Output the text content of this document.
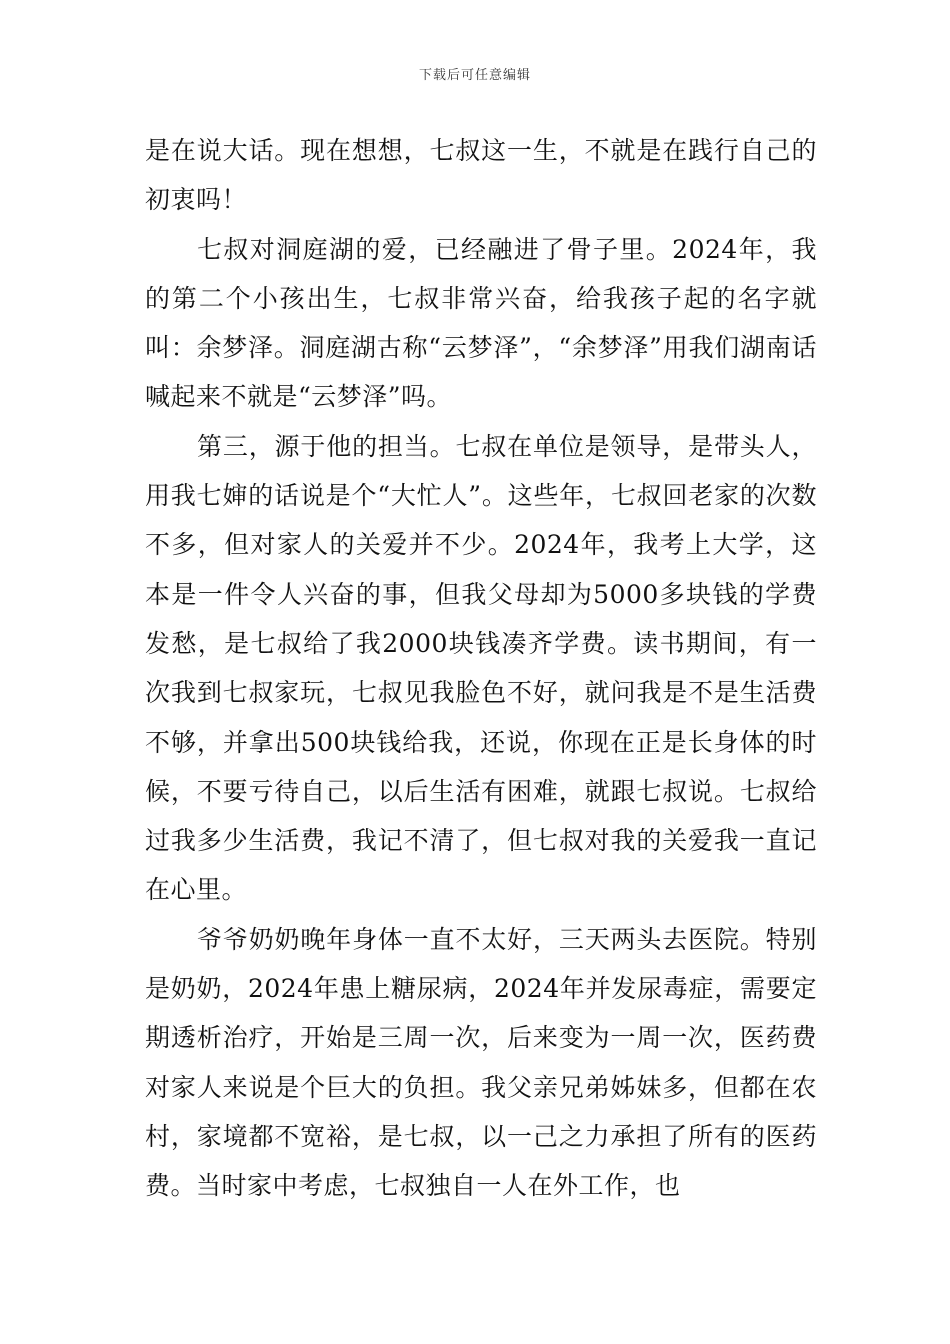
下载后可任意编辑

是在说大话。现在想想，七叔这一生，不就是在践行自己的初衷吗！

七叔对洞庭湖的爱，已经融进了骨子里。2024年，我的第二个小孩出生，七叔非常兴奋，给我孩子起的名字就叫：余梦泽。洞庭湖古称“云梦泽”，“余梦泽”用我们湖南话喊起来不就是“云梦泽”吗。

第三，源于他的担当。七叔在单位是领导，是带头人，用我七婶的话说是个“大忙人”。这些年，七叔回老家的次数不多，但对家人的关爱并不少。2024年，我考上大学，这本是一件令人兴奋的事，但我父母却为5000多块钱的学费发愁，是七叔给了我2000块钱凑齐学费。读书期间，有一次我到七叔家玩，七叔见我脸色不好，就问我是不是生活费不够，并拿出500块钱给我，还说，你现在正是长身体的时候，不要亏待自己，以后生活有困难，就跟七叔说。七叔给过我多少生活费，我记不清了，但七叔对我的关爱我一直记在心里。

爷爷奶奶晚年身体一直不太好，三天两头去医院。特别是奶奶，2024年患上糖尿病，2024年并发尿毒症，需要定期透析治疗，开始是三周一次，后来变为一周一次，医药费对家人来说是个巨大的负担。我父亲兄弟姊妹多，但都在农村，家境都不宽裕，是七叔，以一己之力承担了所有的医药费。当时家中考虑，七叔独自一人在外工作，也
